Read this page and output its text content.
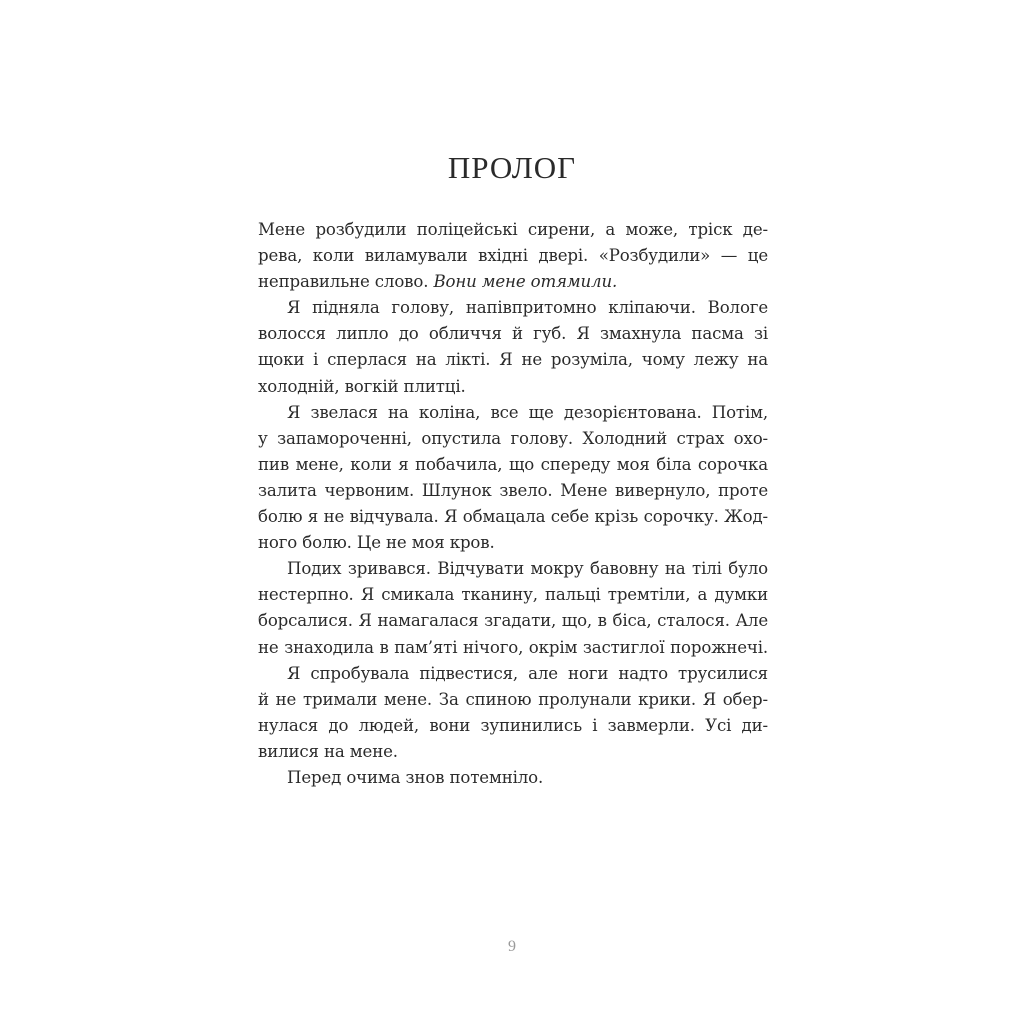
ПРОЛОГ
Мене розбудили поліцейські сирени, а може, тріск де-
рева, коли виламували вхідні двері. «Розбудили» — це
неправильне слово. Вони мене отямили.
Я підняла голову, напівпритомно кліпаючи. Вологе
волосся липло до обличчя й губ. Я змахнула пасма зі
щоки і сперлася на лікті. Я не розуміла, чому лежу на
холодній, вогкій плитці.
Я звелася на коліна, все ще дезорієнтована. Потім,
у запамороченні, опустила голову. Холодний страх охо-
пив мене, коли я побачила, що спереду моя біла сорочка
залита червоним. Шлунок звело. Мене вивернуло, проте
болю я не відчувала. Я обмацала себе крізь сорочку. Жод-
ного болю. Це не моя кров.
Подих зривався. Відчувати мокру бавовну на тілі було
нестерпно. Я смикала тканину, пальці тремтіли, а думки
борсалися. Я намагалася згадати, що, в біса, сталося. Але
не знаходила в пам’яті нічого, окрім застиглої порожнечі.
Я спробувала підвестися, але ноги надто трусилися
й не тримали мене. За спиною пролунали крики. Я обер-
нулася до людей, вони зупинились і завмерли. Усі ди-
вилися на мене.
Перед очима знов потемніло.
9
